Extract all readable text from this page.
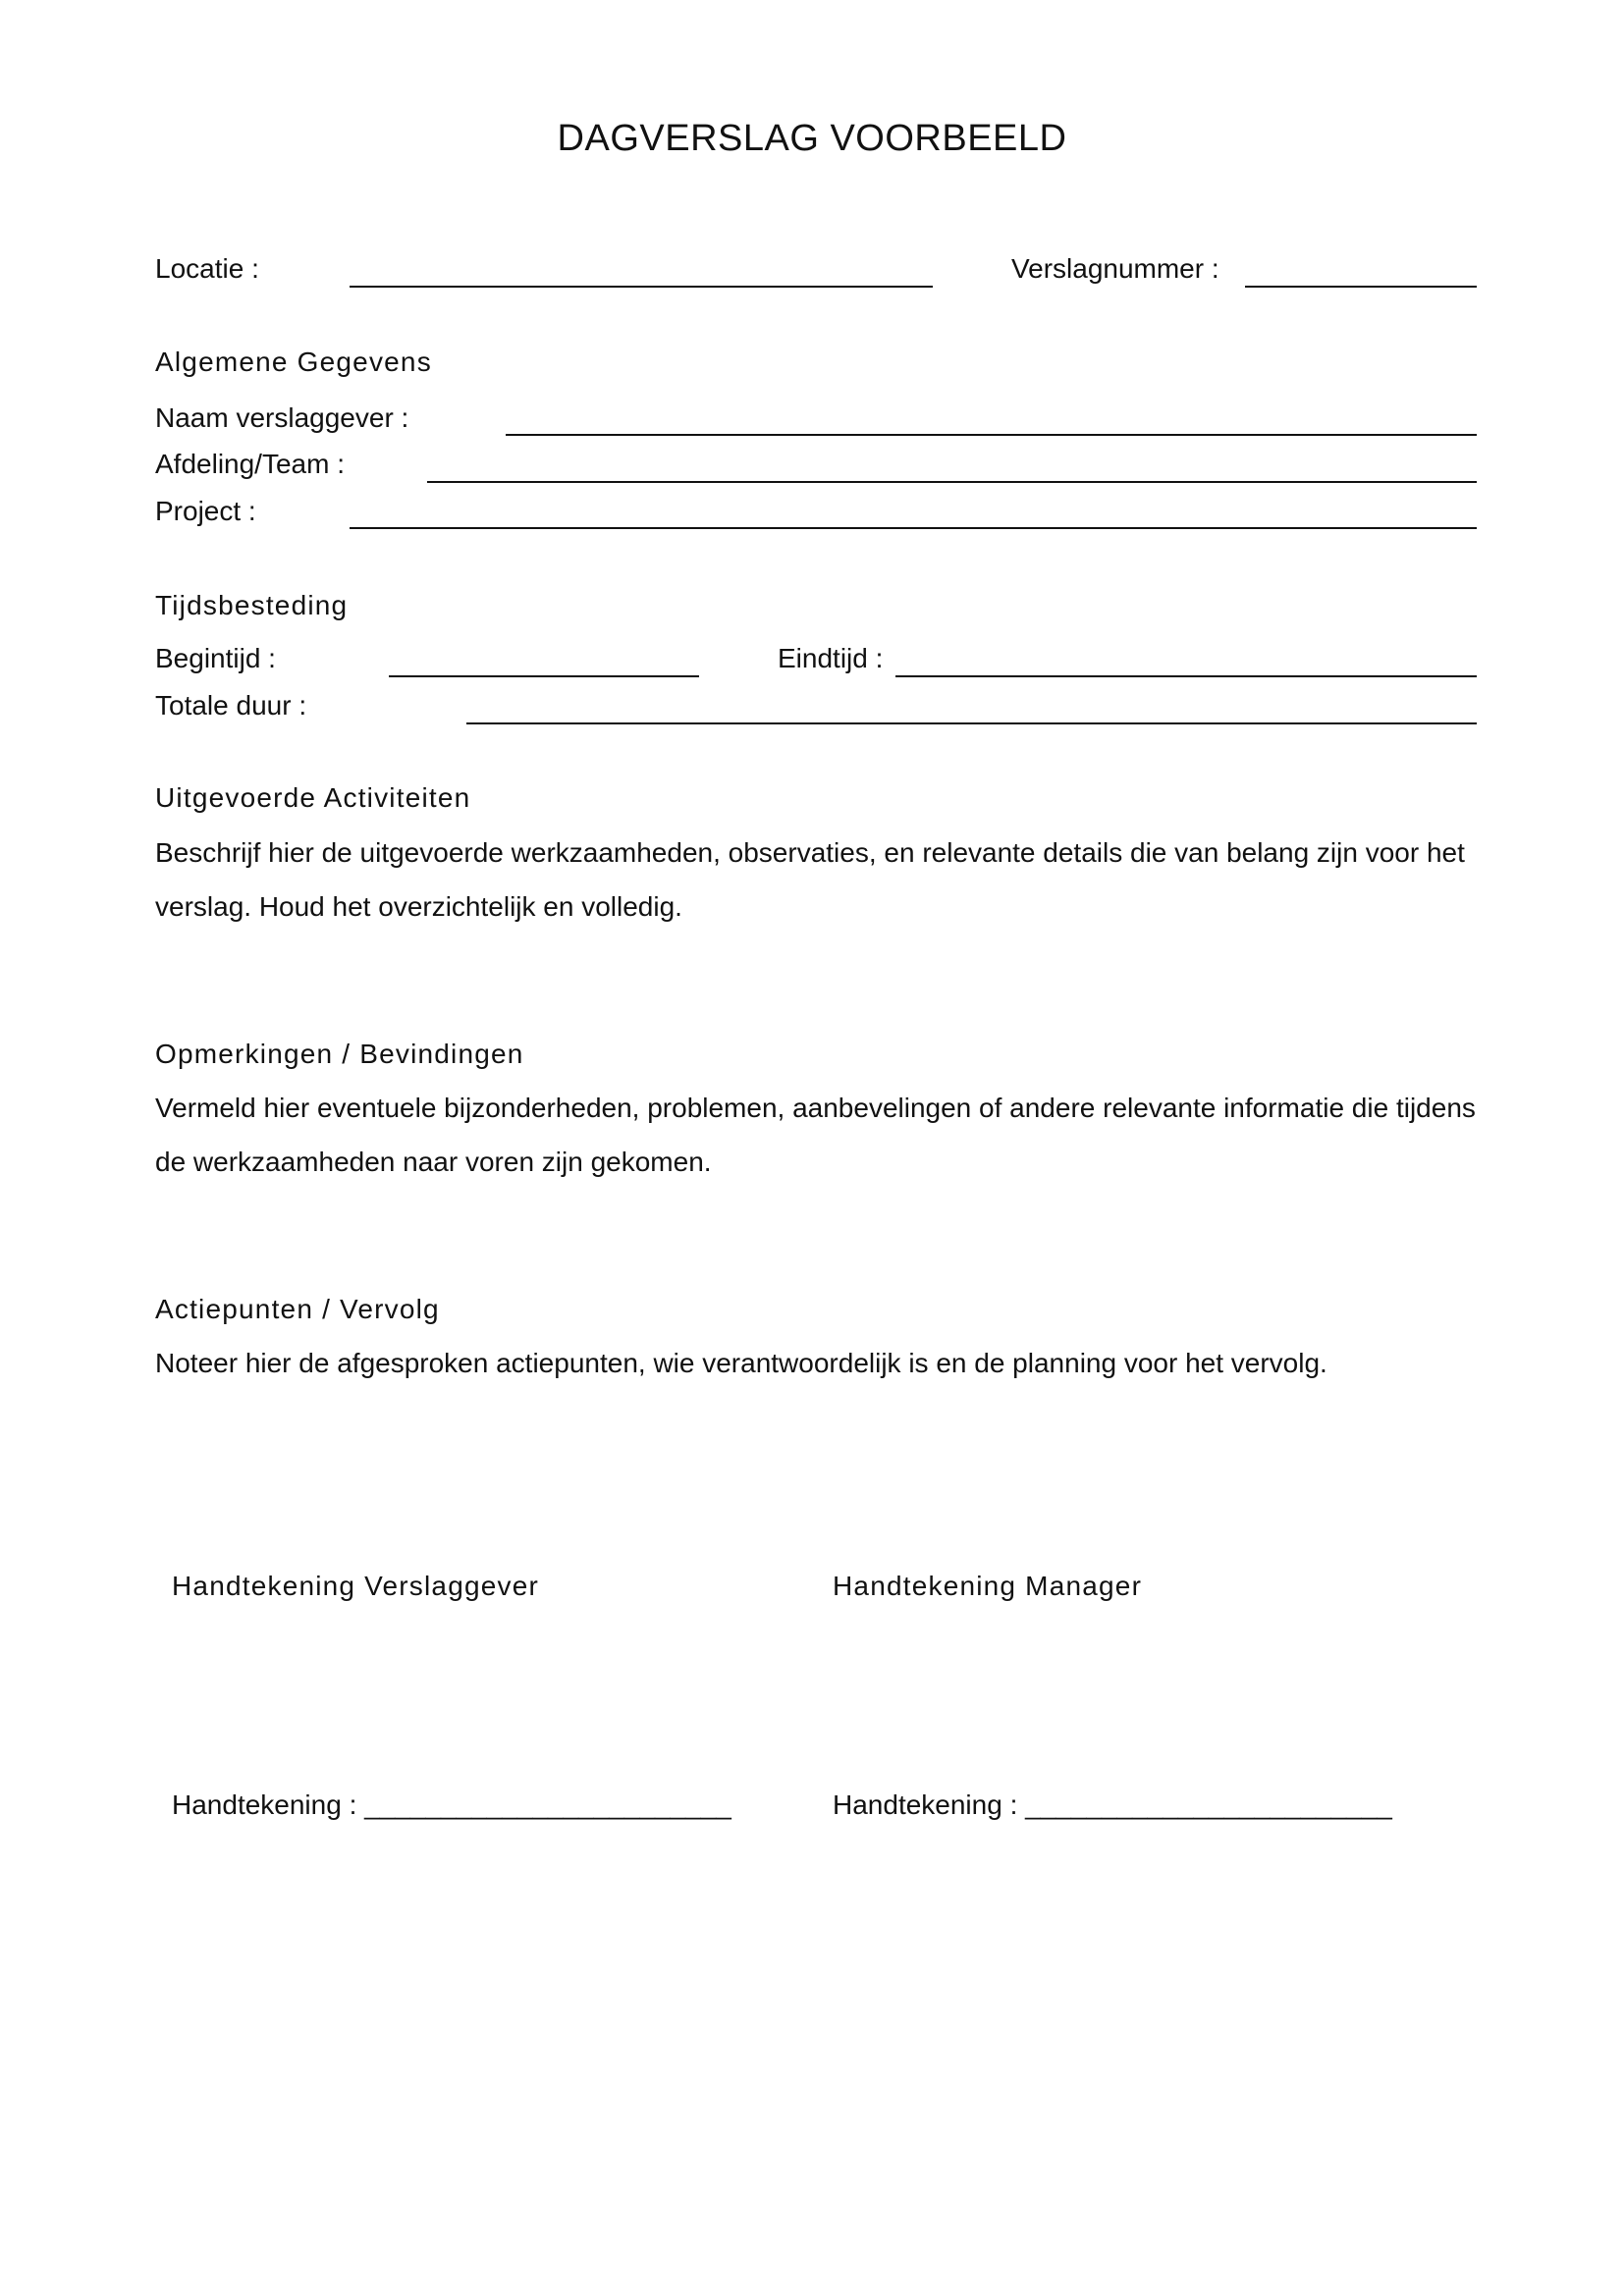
DAGVERSLAG VOORBEELD
Locatie :	Verslagnummer :
Algemene Gegevens
Naam verslaggever :
Afdeling/Team :
Project :
Tijdsbesteding
Begintijd :	Eindtijd :
Totale duur :
Uitgevoerde Activiteiten
Beschrijf hier de uitgevoerde werkzaamheden, observaties, en relevante details die van belang zijn voor het
verslag. Houd het overzichtelijk en volledig.
Opmerkingen / Bevindingen
Vermeld hier eventuele bijzonderheden, problemen, aanbevelingen of andere relevante informatie die tijdens
de werkzaamheden naar voren zijn gekomen.
Actiepunten / Vervolg
Noteer hier de afgesproken actiepunten, wie verantwoordelijk is en de planning voor het vervolg.
Handtekening Verslaggever	Handtekening Manager
Handtekening : ________________________	Handtekening : ________________________
